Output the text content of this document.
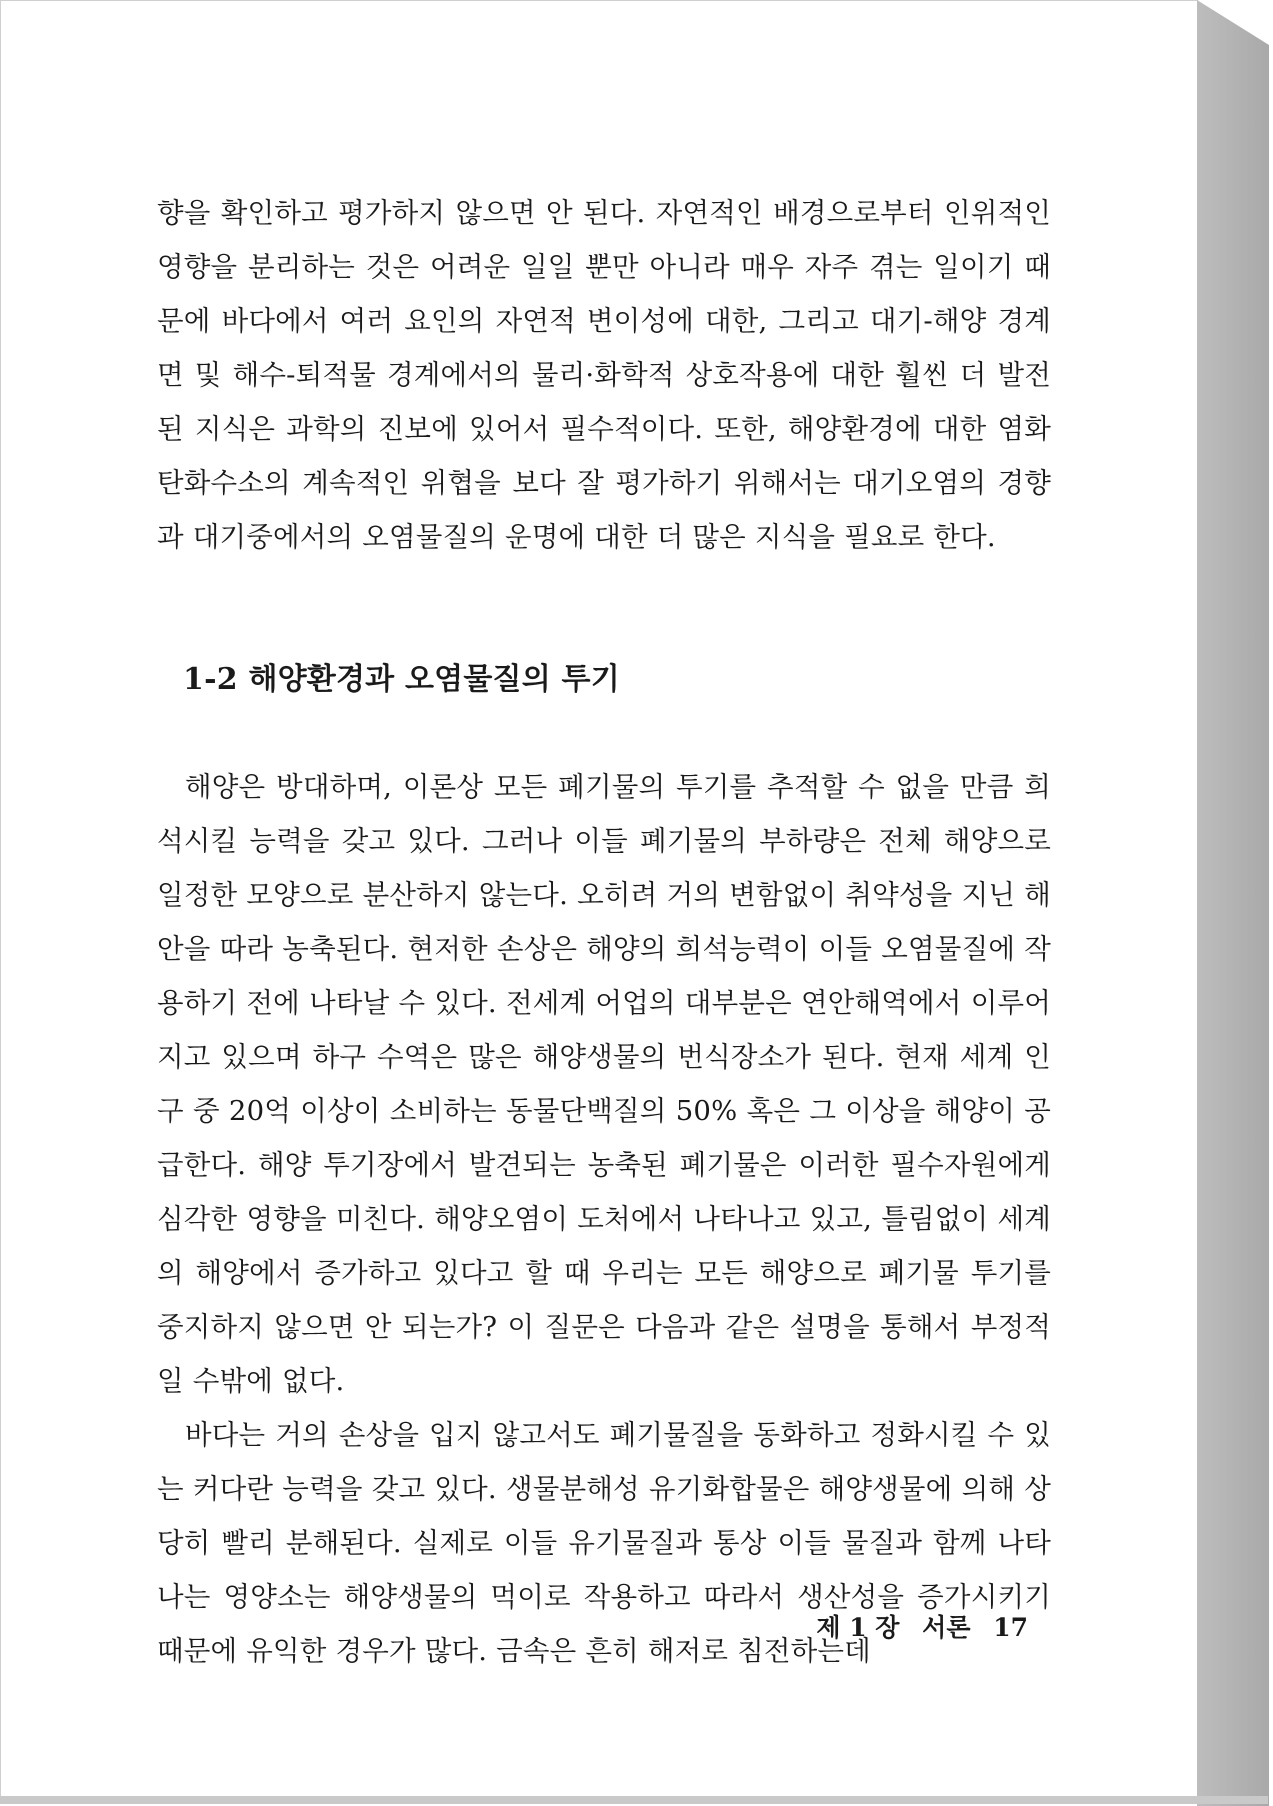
향을 확인하고 평가하지 않으면 안 된다. 자연적인 배경으로부터 인위적인 영향을 분리하는 것은 어려운 일일 뿐만 아니라 매우 자주 겪는 일이기 때문에 바다에서 여러 요인의 자연적 변이성에 대한, 그리고 대기-해양 경계면 및 해수-퇴적물 경계에서의 물리·화학적 상호작용에 대한 훨씬 더 발전된 지식은 과학의 진보에 있어서 필수적이다. 또한, 해양환경에 대한 염화탄화수소의 계속적인 위협을 보다 잘 평가하기 위해서는 대기오염의 경향과 대기중에서의 오염물질의 운명에 대한 더 많은 지식을 필요로 한다.

1-2 해양환경과 오염물질의 투기

해양은 방대하며, 이론상 모든 폐기물의 투기를 추적할 수 없을 만큼 희석시킬 능력을 갖고 있다. 그러나 이들 폐기물의 부하량은 전체 해양으로 일정한 모양으로 분산하지 않는다. 오히려 거의 변함없이 취약성을 지닌 해안을 따라 농축된다. 현저한 손상은 해양의 희석능력이 이들 오염물질에 작용하기 전에 나타날 수 있다. 전세계 어업의 대부분은 연안해역에서 이루어지고 있으며 하구 수역은 많은 해양생물의 번식장소가 된다. 현재 세계 인구 중 20억 이상이 소비하는 동물단백질의 50% 혹은 그 이상을 해양이 공급한다. 해양 투기장에서 발견되는 농축된 폐기물은 이러한 필수자원에게 심각한 영향을 미친다. 해양오염이 도처에서 나타나고 있고, 틀림없이 세계의 해양에서 증가하고 있다고 할 때 우리는 모든 해양으로 폐기물 투기를 중지하지 않으면 안 되는가? 이 질문은 다음과 같은 설명을 통해서 부정적일 수밖에 없다.

바다는 거의 손상을 입지 않고서도 폐기물질을 동화하고 정화시킬 수 있는 커다란 능력을 갖고 있다. 생물분해성 유기화합물은 해양생물에 의해 상당히 빨리 분해된다. 실제로 이들 유기물질과 통상 이들 물질과 함께 나타나는 영양소는 해양생물의 먹이로 작용하고 따라서 생산성을 증가시키기 때문에 유익한 경우가 많다. 금속은 흔히 해저로 침전하는데

제 1 장 서론 17
